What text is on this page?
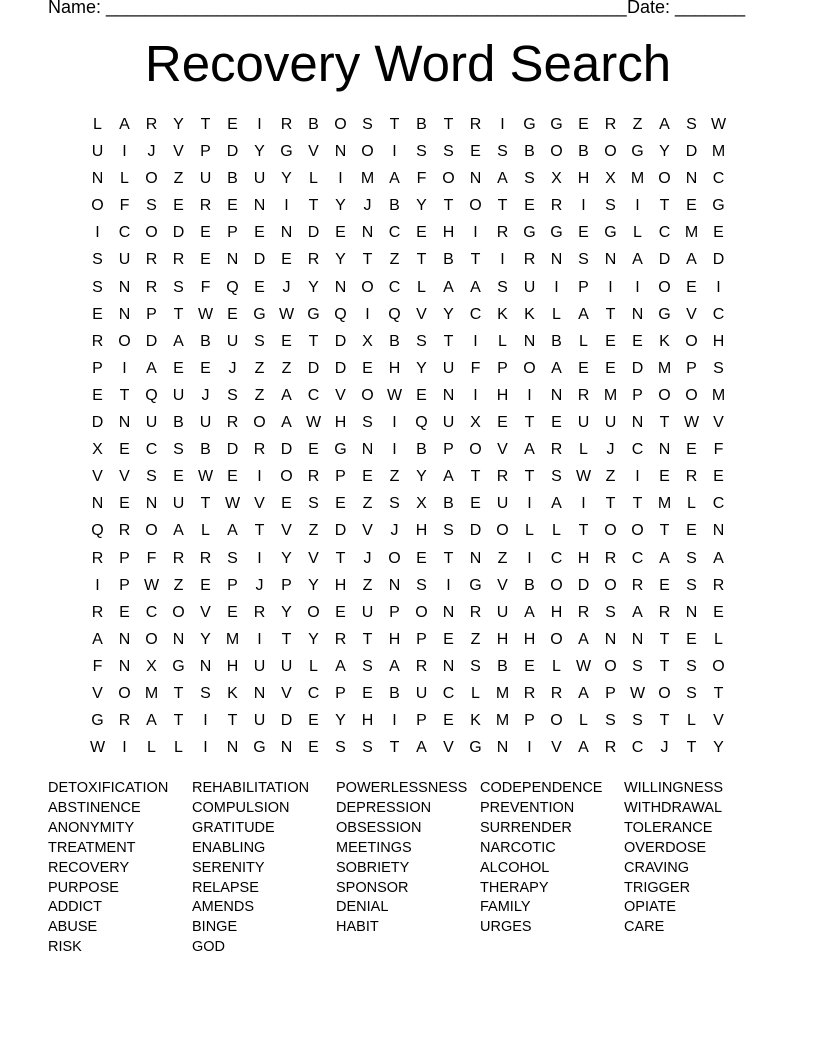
Name: ____________________________________________________ Date: _______
Recovery Word Search
L	A R Y	T	E	I	R B O S	T	B	T	R	I	G G E R	Z	A	S W
U	I	J	V	P D Y G V N O	I	S	S	E	S	B O B O G Y D M
N	L	O Z	U B U Y	L	I	M A	F O N A	S	X H X M O N C
O F	S	E R E N	I	T	Y	J	B	Y	T O T	E R	I	S	I	T	E G
I	C O D E	P	E N D E N C E H	I	R G G E G	L	C M E
S U R R E N D E R Y	T	Z	T	B	T	I	R N S N A D A D
S N R S	F Q E	J	Y N O C	L	A	A	S U	I	P	I	I	O E	I
E N P	T W E G W G Q	I	Q V	Y C K	K	L	A	T	N G V C
R O D A	B U S	E	T	D X	B	S	T	I	L	N B	L	E	E	K O H
P	I	A	E	E	J	Z	Z	D D E H Y U	F	P O A	E	E D M P	S
E	T Q U	J	S	Z	A C V O W E N	I	H	I	N R M P O O M
D N U B U R O A W H S	I	Q U X	E	T	E U U N	T W V
X	E C S	B D R D E G N	I	B	P O V	A R	L	J	C N E	F
V	V	S	E W E	I	O R P	E	Z	Y	A	T	R	T	S W Z	I	E R E
N E N U	T W V	E	S	E	Z	S	X	B	E U	I	A	I	T	T M L	C
Q R O A	L	A	T	V	Z	D V	J	H S D O	L	L	T O O T	E N
R P	F	R R S	I	Y	V	T	J	O E	T	N	Z	I	C H R C A	S	A
I	P W Z	E	P	J	P	Y H	Z	N S	I	G V	B O D O R E	S R
R E C O V	E R Y O E U P O N R U A H R S	A R N E
A N O N Y M	I	T	Y R	T	H P	E	Z	H H O A N N	T	E	L
F	N X G N H U U	L	A	S	A R N S	B	E	L W O S	T	S O
V O M T	S	K N V C P	E	B U C	L M R R A	P W O S	T
G R A	T	I	T	U D E	Y H	I	P	E	K M P O	L	S	S	T	L	V
W	I	L	L	I	N G N E	S	S	T	A	V G N	I	V	A R C	J	T	Y
DETOXIFICATION
ABSTINENCE
ANONYMITY
TREATMENT
RECOVERY
PURPOSE
ADDICT
ABUSE
RISK
REHABILITATION
COMPULSION
GRATITUDE
ENABLING
SERENITY
RELAPSE
AMENDS
BINGE
GOD
POWERLESSNESS
DEPRESSION
OBSESSION
MEETINGS
SOBRIETY
SPONSOR
DENIAL
HABIT
CODEPENDENCE
PREVENTION
SURRENDER
NARCOTIC
ALCOHOL
THERAPY
FAMILY
URGES
WILLINGNESS
WITHDRAWAL
TOLERANCE
OVERDOSE
CRAVING
TRIGGER
OPIATE
CARE
